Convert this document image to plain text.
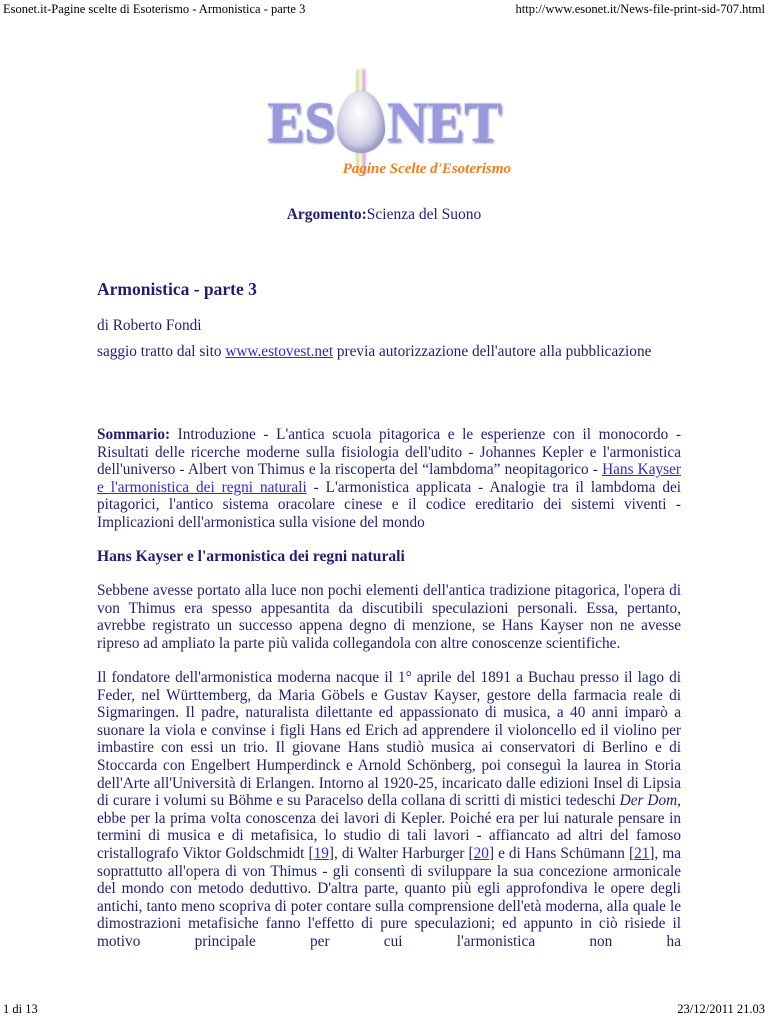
Esonet.it-Pagine scelte di Esoterismo - Armonistica - parte 3	http://www.esonet.it/News-file-print-sid-707.html
ES NET
Pagine Scelte d'Esoterismo
Argomento:Scienza del Suono
Armonistica - parte 3
di Roberto Fondi
saggio tratto dal sito www.estovest.net previa autorizzazione dell'autore alla pubblicazione
Sommario: Introduzione - L'antica scuola pitagorica e le esperienze con il monocordo - Risultati delle ricerche moderne sulla fisiologia dell'udito - Johannes Kepler e l'armonistica dell'universo - Albert von Thimus e la riscoperta del “lambdoma” neopitagorico - Hans Kayser e l'armonistica dei regni naturali - L'armonistica applicata - Analogie tra il lambdoma dei pitagorici, l'antico sistema oracolare cinese e il codice ereditario dei sistemi viventi - Implicazioni dell'armonistica sulla visione del mondo
Hans Kayser e l'armonistica dei regni naturali
Sebbene avesse portato alla luce non pochi elementi dell'antica tradizione pitagorica, l'opera di von Thimus era spesso appesantita da discutibili speculazioni personali. Essa, pertanto, avrebbe registrato un successo appena degno di menzione, se Hans Kayser non ne avesse ripreso ad ampliato la parte più valida collegandola con altre conoscenze scientifiche.
Il fondatore dell'armonistica moderna nacque il 1° aprile del 1891 a Buchau presso il lago di Feder, nel Württemberg, da Maria Göbels e Gustav Kayser, gestore della farmacia reale di Sigmaringen. Il padre, naturalista dilettante ed appassionato di musica, a 40 anni imparò a suonare la viola e convinse i figli Hans ed Erich ad apprendere il violoncello ed il violino per imbastire con essi un trio. Il giovane Hans studiò musica ai conservatori di Berlino e di Stoccarda con Engelbert Humperdinck e Arnold Schönberg, poi conseguì la laurea in Storia dell'Arte all'Università di Erlangen. Intorno al 1920-25, incaricato dalle edizioni Insel di Lipsia di curare i volumi su Böhme e su Paracelso della collana di scritti di mistici tedeschi Der Dom, ebbe per la prima volta conoscenza dei lavori di Kepler. Poiché era per lui naturale pensare in termini di musica e di metafisica, lo studio di tali lavori - affiancato ad altri del famoso cristallografo Viktor Goldschmidt [19], di Walter Harburger [20] e di Hans Schümann [21], ma soprattutto all'opera di von Thimus - gli consentì di sviluppare la sua concezione armonicale del mondo con metodo deduttivo. D'altra parte, quanto più egli approfondiva le opere degli antichi, tanto meno scopriva di poter contare sulla comprensione dell'età moderna, alla quale le dimostrazioni metafisiche fanno l'effetto di pure speculazioni; ed appunto in ciò risiede il motivo principale per cui l'armonistica non ha
1 di 13	23/12/2011 21.03
